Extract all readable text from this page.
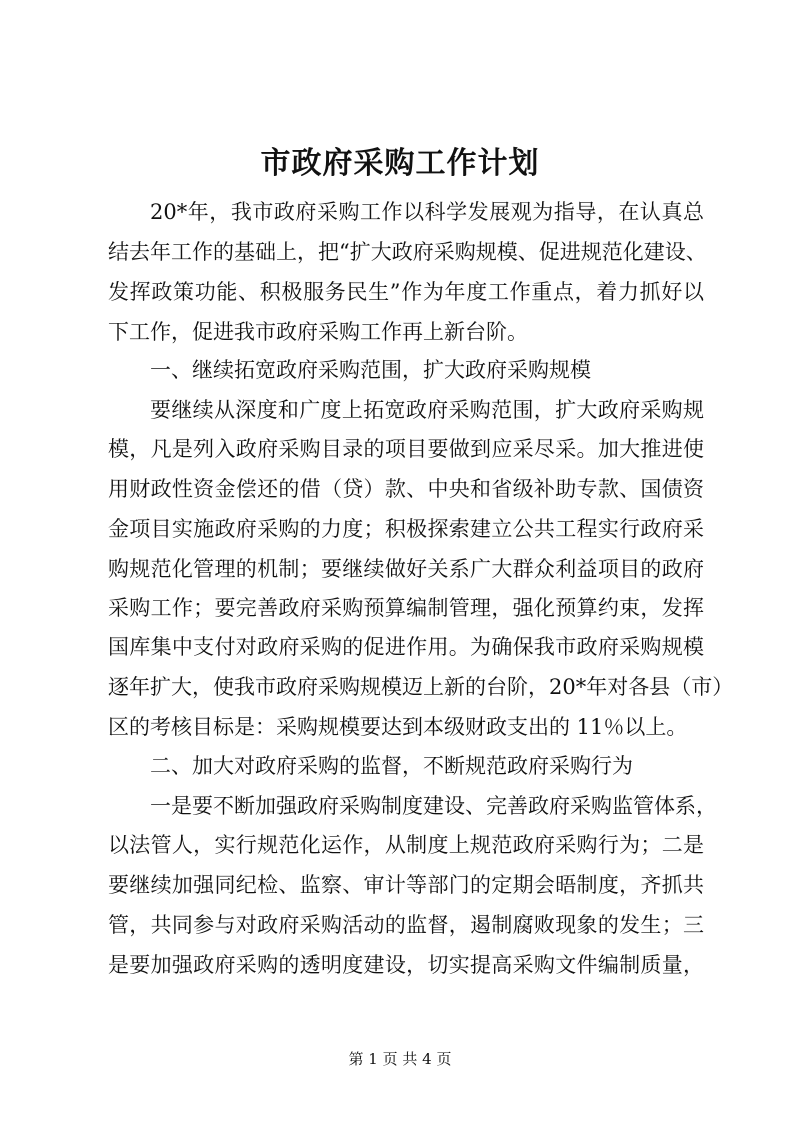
市政府采购工作计划
20*年，我市政府采购工作以科学发展观为指导，在认真总
结去年工作的基础上，把“扩大政府采购规模、促进规范化建设、
发挥政策功能、积极服务民生”作为年度工作重点，着力抓好以
下工作，促进我市政府采购工作再上新台阶。
一、继续拓宽政府采购范围，扩大政府采购规模
要继续从深度和广度上拓宽政府采购范围，扩大政府采购规
模，凡是列入政府采购目录的项目要做到应采尽采。加大推进使
用财政性资金偿还的借（贷）款、中央和省级补助专款、国债资
金项目实施政府采购的力度；积极探索建立公共工程实行政府采
购规范化管理的机制；要继续做好关系广大群众利益项目的政府
采购工作；要完善政府采购预算编制管理，强化预算约束，发挥
国库集中支付对政府采购的促进作用。为确保我市政府采购规模
逐年扩大，使我市政府采购规模迈上新的台阶，20*年对各县（市）
区的考核目标是：采购规模要达到本级财政支出的 11％以上。
二、加大对政府采购的监督，不断规范政府采购行为
一是要不断加强政府采购制度建设、完善政府采购监管体系，
以法管人，实行规范化运作，从制度上规范政府采购行为；二是
要继续加强同纪检、监察、审计等部门的定期会晤制度，齐抓共
管，共同参与对政府采购活动的监督，遏制腐败现象的发生；三
是要加强政府采购的透明度建设，切实提高采购文件编制质量，
第 1 页 共 4 页
